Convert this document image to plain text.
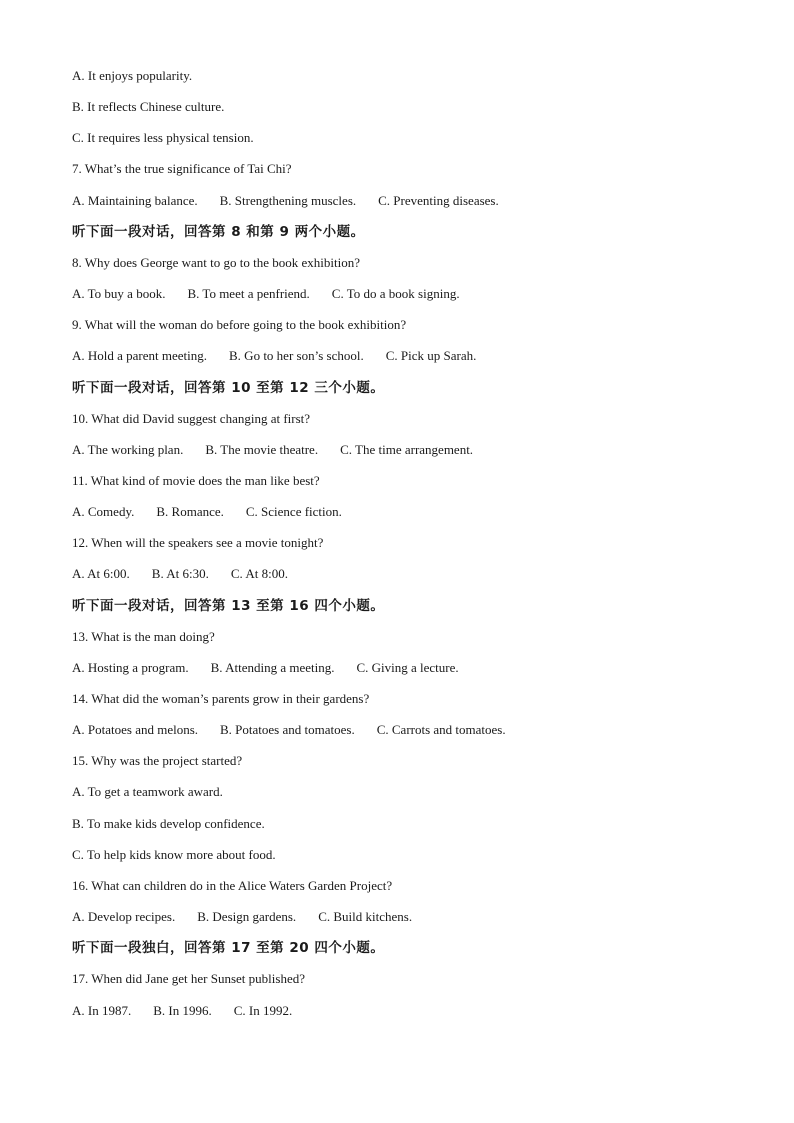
A. It enjoys popularity.
B. It reflects Chinese culture.
C. It requires less physical tension.
7. What’s the true significance of Tai Chi?
A. Maintaining balance. B. Strengthening muscles. C. Preventing diseases.
听下面一段对话，回答第 8 和第 9 两个小题。
8. Why does George want to go to the book exhibition?
A. To buy a book. B. To meet a penfriend. C. To do a book signing.
9. What will the woman do before going to the book exhibition?
A. Hold a parent meeting. B. Go to her son’s school. C. Pick up Sarah.
听下面一段对话，回答第 10 至第 12 三个小题。
10. What did David suggest changing at first?
A. The working plan. B. The movie theatre. C. The time arrangement.
11. What kind of movie does the man like best?
A. Comedy. B. Romance. C. Science fiction.
12. When will the speakers see a movie tonight?
A. At 6:00. B. At 6:30. C. At 8:00.
听下面一段对话，回答第 13 至第 16 四个小题。
13. What is the man doing?
A. Hosting a program. B. Attending a meeting. C. Giving a lecture.
14. What did the woman’s parents grow in their gardens?
A. Potatoes and melons. B. Potatoes and tomatoes. C. Carrots and tomatoes.
15. Why was the project started?
A. To get a teamwork award.
B. To make kids develop confidence.
C. To help kids know more about food.
16. What can children do in the Alice Waters Garden Project?
A. Develop recipes. B. Design gardens. C. Build kitchens.
听下面一段独白，回答第 17 至第 20 四个小题。
17. When did Jane get her Sunset published?
A. In 1987. B. In 1996. C. In 1992.
